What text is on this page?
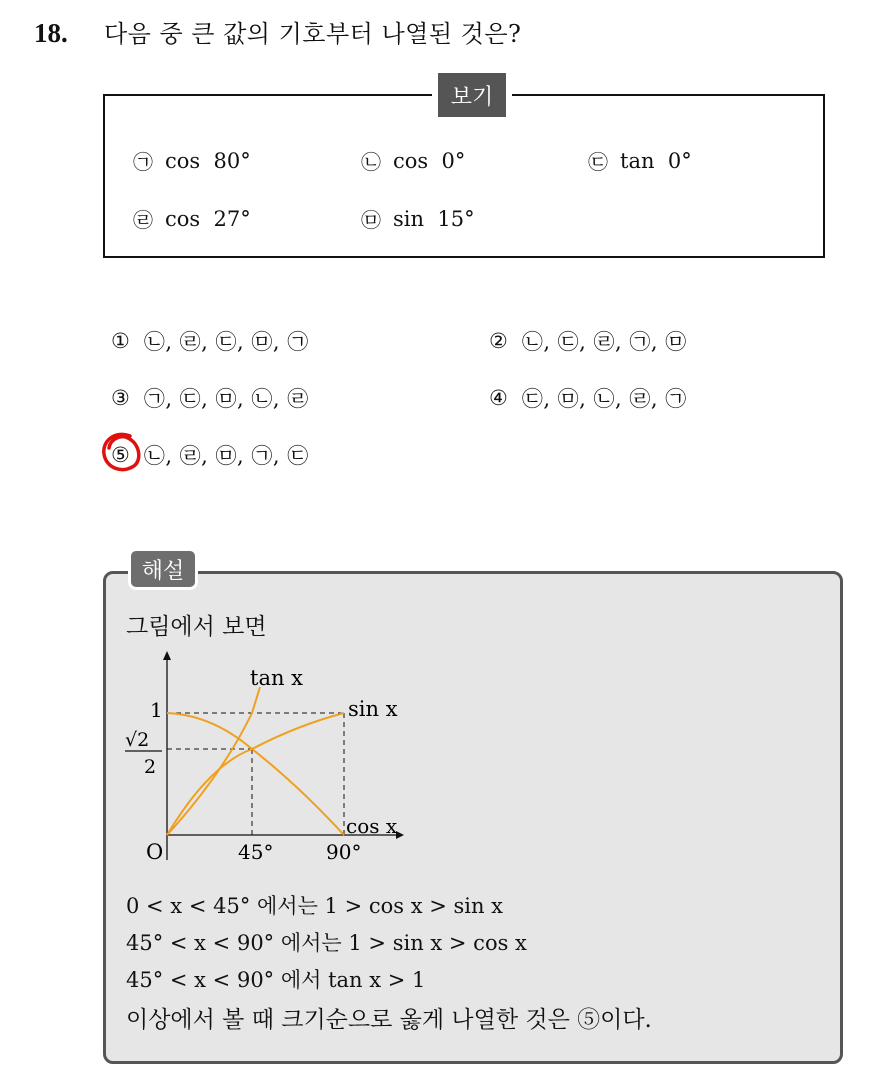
18.	다음 중 큰 값의 기호부터 나열된 것은?
보기
㉠ cos  80°	㉡ cos  0°	㉢ tan  0°
㉣ cos  27°	㉤ sin  15°
① ㉡, ㉣, ㉢, ㉤, ㉠	② ㉡, ㉢, ㉣, ㉠, ㉤
③ ㉠, ㉢, ㉤, ㉡, ㉣	④ ㉢, ㉤, ㉡, ㉣, ㉠
⑤ ㉡, ㉣, ㉤, ㉠, ㉢
해설
그림에서 보면
tan x
sin x
cos x
1
√2
2
O	45°	90°
0 < x < 45° 에서는 1 > cos x > sin x
45° < x < 90° 에서는 1 > sin x > cos x
45° < x < 90° 에서 tan x > 1
이상에서 볼 때 크기순으로 옳게 나열한 것은 ⑤이다.
